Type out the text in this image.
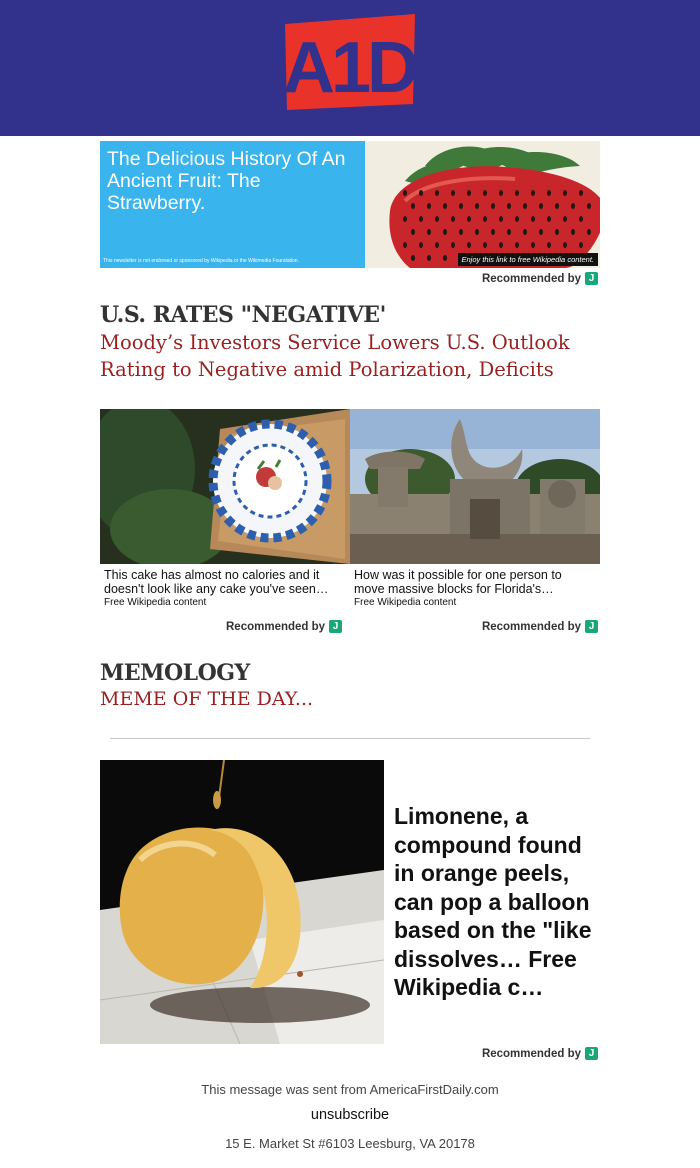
A1D
America first daily
The Delicious History Of An Ancient Fruit: The Strawberry.
This newsletter is not endorsed or sponsored by Wikipedia or the Wikimedia Foundation.	Enjoy this link to free Wikipedia content.
Recommended by J
U.S. RATES "NEGATIVE'
Moody’s Investors Service Lowers U.S. Outlook Rating to Negative amid Polarization, Deficits
This cake has almost no calories and it doesn't look like any cake you've seen…
Free Wikipedia content
Recommended by J
How was it possible for one person to move massive blocks for Florida's…
Free Wikipedia content
Recommended by J
MEMOLOGY
MEME OF THE DAY...
Limonene, a compound found in orange peels, can pop a balloon based on the "like dissolves… Free Wikipedia c…
Recommended by J
This message was sent from AmericaFirstDaily.com
unsubscribe
15 E. Market St #6103 Leesburg, VA 20178
